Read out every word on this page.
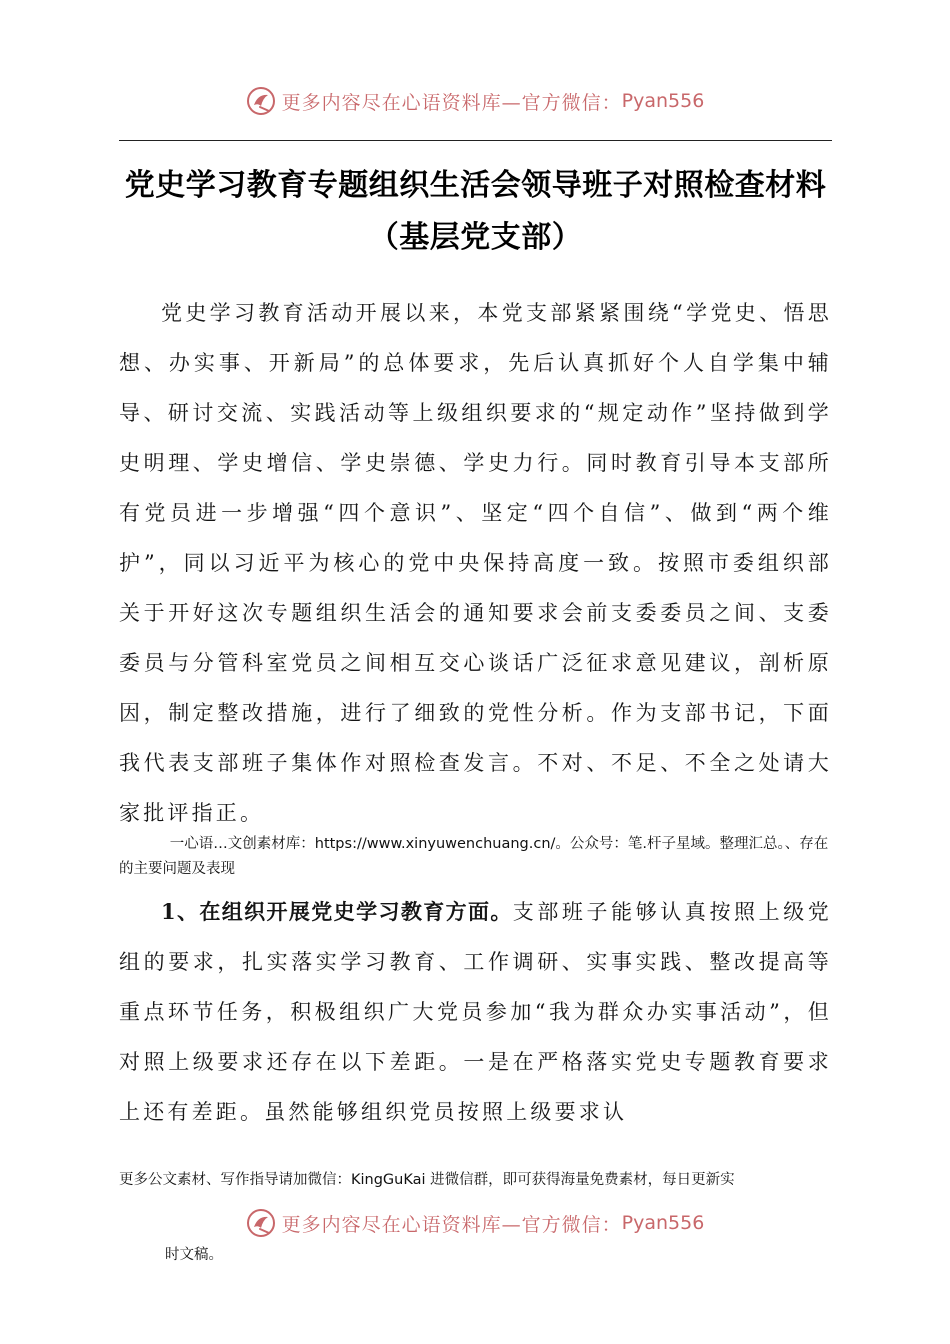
更多内容尽在心语资料库—官方微信： Pyan556
党史学习教育专题组织生活会领导班子对照检查材料（基层党支部）

党史学习教育活动开展以来，本党支部紧紧围绕“学党史、悟思想、办实事、开新局”的总体要求，先后认真抓好个人自学集中辅导、研讨交流、实践活动等上级组织要求的“规定动作”坚持做到学史明理、学史增信、学史崇德、学史力行。同时教育引导本支部所有党员进一步增强“四个意识”、坚定“四个自信”、做到“两个维护”，同以习近平为核心的党中央保持高度一致。按照市委组织部关于开好这次专题组织生活会的通知要求会前支委委员之间、支委委员与分管科室党员之间相互交心谈话广泛征求意见建议，剖析原因，制定整改措施，进行了细致的党性分析。作为支部书记，下面我代表支部班子集体作对照检查发言。不对、不足、不全之处请大家批评指正。

一心语…文创素材库：https://www.xinyuwenchuang.cn/。公众号：笔.杆子星域。整理汇总。、存在的主要问题及表现

1、在组织开展党史学习教育方面。支部班子能够认真按照上级党组的要求，扎实落实学习教育、工作调研、实事实践、整改提高等重点环节任务，积极组织广大党员参加“我为群众办实事活动”，但对照上级要求还存在以下差距。一是在严格落实党史专题教育要求上还有差距。虽然能够组织党员按照上级要求认

更多公文素材、写作指导请加微信：KingGuKai 进微信群，即可获得海量免费素材，每日更新实

更多内容尽在心语资料库—官方微信： Pyan556

时文稿。
